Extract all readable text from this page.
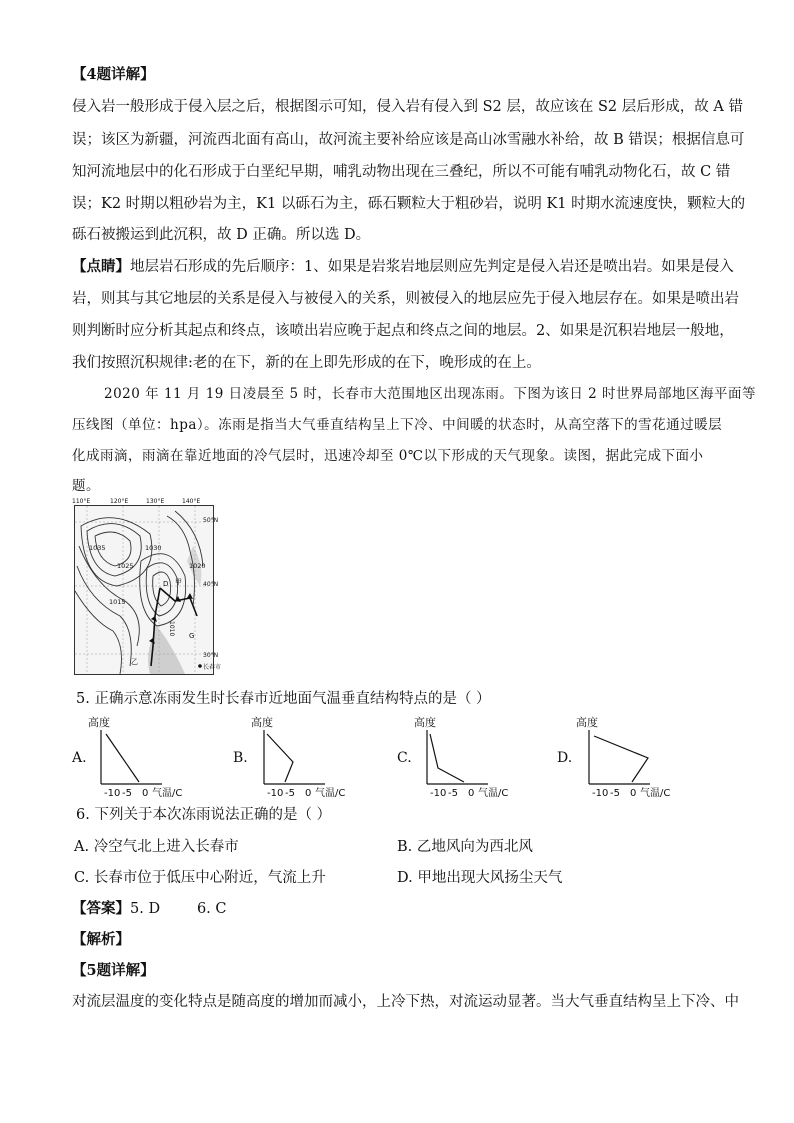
【4题详解】
侵入岩一般形成于侵入层之后，根据图示可知，侵入岩有侵入到 S2 层，故应该在 S2 层后形成，故 A 错
误；该区为新疆，河流西北面有高山，故河流主要补给应该是高山冰雪融水补给，故 B 错误；根据信息可
知河流地层中的化石形成于白垩纪早期，哺乳动物出现在三叠纪，所以不可能有哺乳动物化石，故 C 错
误；K2 时期以粗砂岩为主，K1 以砾石为主，砾石颗粒大于粗砂岩，说明 K1 时期水流速度快，颗粒大的
砾石被搬运到此沉积，故 D 正确。所以选 D。
【点睛】地层岩石形成的先后顺序：1、如果是岩浆岩地层则应先判定是侵入岩还是喷出岩。如果是侵入
岩，则其与其它地层的关系是侵入与被侵入的关系，则被侵入的地层应先于侵入地层存在。如果是喷出岩
则判断时应分析其起点和终点，该喷出岩应晚于起点和终点之间的地层。2、如果是沉积岩地层一般地，
我们按照沉积规律:老的在下，新的在上即先形成的在下，晚形成的在上。
2020 年 11 月 19 日凌晨至 5 时，长春市大范围地区出现冻雨。下图为该日 2 时世界局部地区海平面等
压线图（单位：hpa）。冻雨是指当大气垂直结构呈上下冷、中间暖的状态时，从高空落下的雪花通过暖层
化成雨滴，雨滴在靠近地面的冷气层时，迅速冷却至 0℃以下形成的天气现象。读图，据此完成下面小
题。
D
G
1035	1030
1025	1020
1015
1010
甲
乙
110°E	120°E	130°E	140°E
50°N
40°N
30°N
长春市
5. 正确示意冻雨发生时长春市近地面气温垂直结构特点的是（ ）
A.
高度
-10 -5 0 气温/C
B.
高度
-10 -5 0 气温/C
C.
高度
-10 -5 0 气温/C
D.
高度
-10 -5 0 气温/C
6. 下列关于本次冻雨说法正确的是（ ）
A. 冷空气北上进入长春市	B. 乙地风向为西北风
C. 长春市位于低压中心附近，气流上升	D. 甲地出现大风扬尘天气
【答案】5. D        6. C
【解析】
【5题详解】
对流层温度的变化特点是随高度的增加而减小，上冷下热，对流运动显著。当大气垂直结构呈上下冷、中
